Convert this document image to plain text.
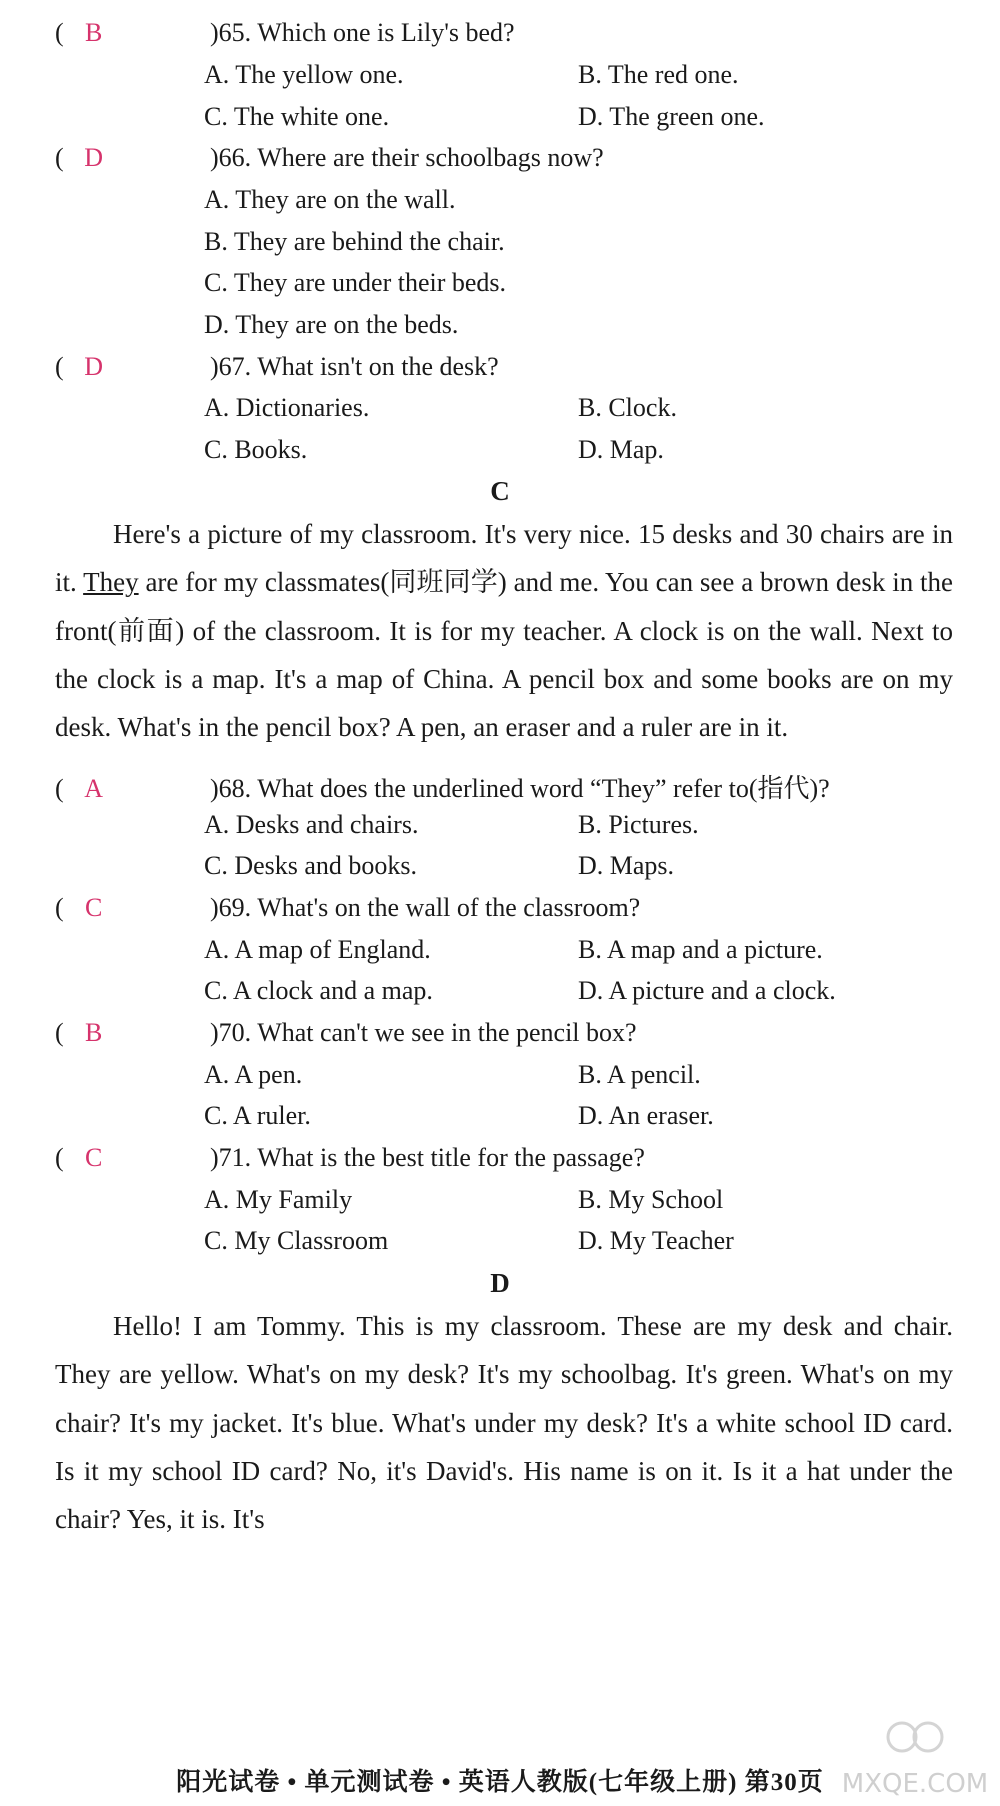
( B	)65. Which one is Lily's bed?
A. The yellow one.	B. The red one.
C. The white one.	D. The green one.
( D	)66. Where are their schoolbags now?
A. They are on the wall.
B. They are behind the chair.
C. They are under their beds.
D. They are on the beds.
( D	)67. What isn't on the desk?
A. Dictionaries.	B. Clock.
C. Books.	D. Map.
C
Here's a picture of my classroom. It's very nice. 15 desks and 30 chairs are in it. They are for my classmates(同班同学) and me. You can see a brown desk in the front(前面) of the classroom. It is for my teacher. A clock is on the wall. Next to the clock is a map. It's a map of China. A pencil box and some books are on my desk. What's in the pencil box? A pen, an eraser and a ruler are in it.
( A	)68. What does the underlined word “They” refer to(指代)?
A. Desks and chairs.	B. Pictures.
C. Desks and books.	D. Maps.
( C	)69. What's on the wall of the classroom?
A. A map of England.	B. A map and a picture.
C. A clock and a map.	D. A picture and a clock.
( B	)70. What can't we see in the pencil box?
A. A pen.	B. A pencil.
C. A ruler.	D. An eraser.
( C	)71. What is the best title for the passage?
A. My Family	B. My School
C. My Classroom	D. My Teacher
D
Hello! I am Tommy. This is my classroom. These are my desk and chair. They are yellow. What's on my desk? It's my schoolbag. It's green. What's on my chair? It's my jacket. It's blue. What's under my desk? It's a white school ID card. Is it my school ID card? No, it's David's. His name is on it. Is it a hat under the chair? Yes, it is. It's
MXQE.COM
阳光试卷 • 单元测试卷 • 英语人教版(七年级上册) 第30页
